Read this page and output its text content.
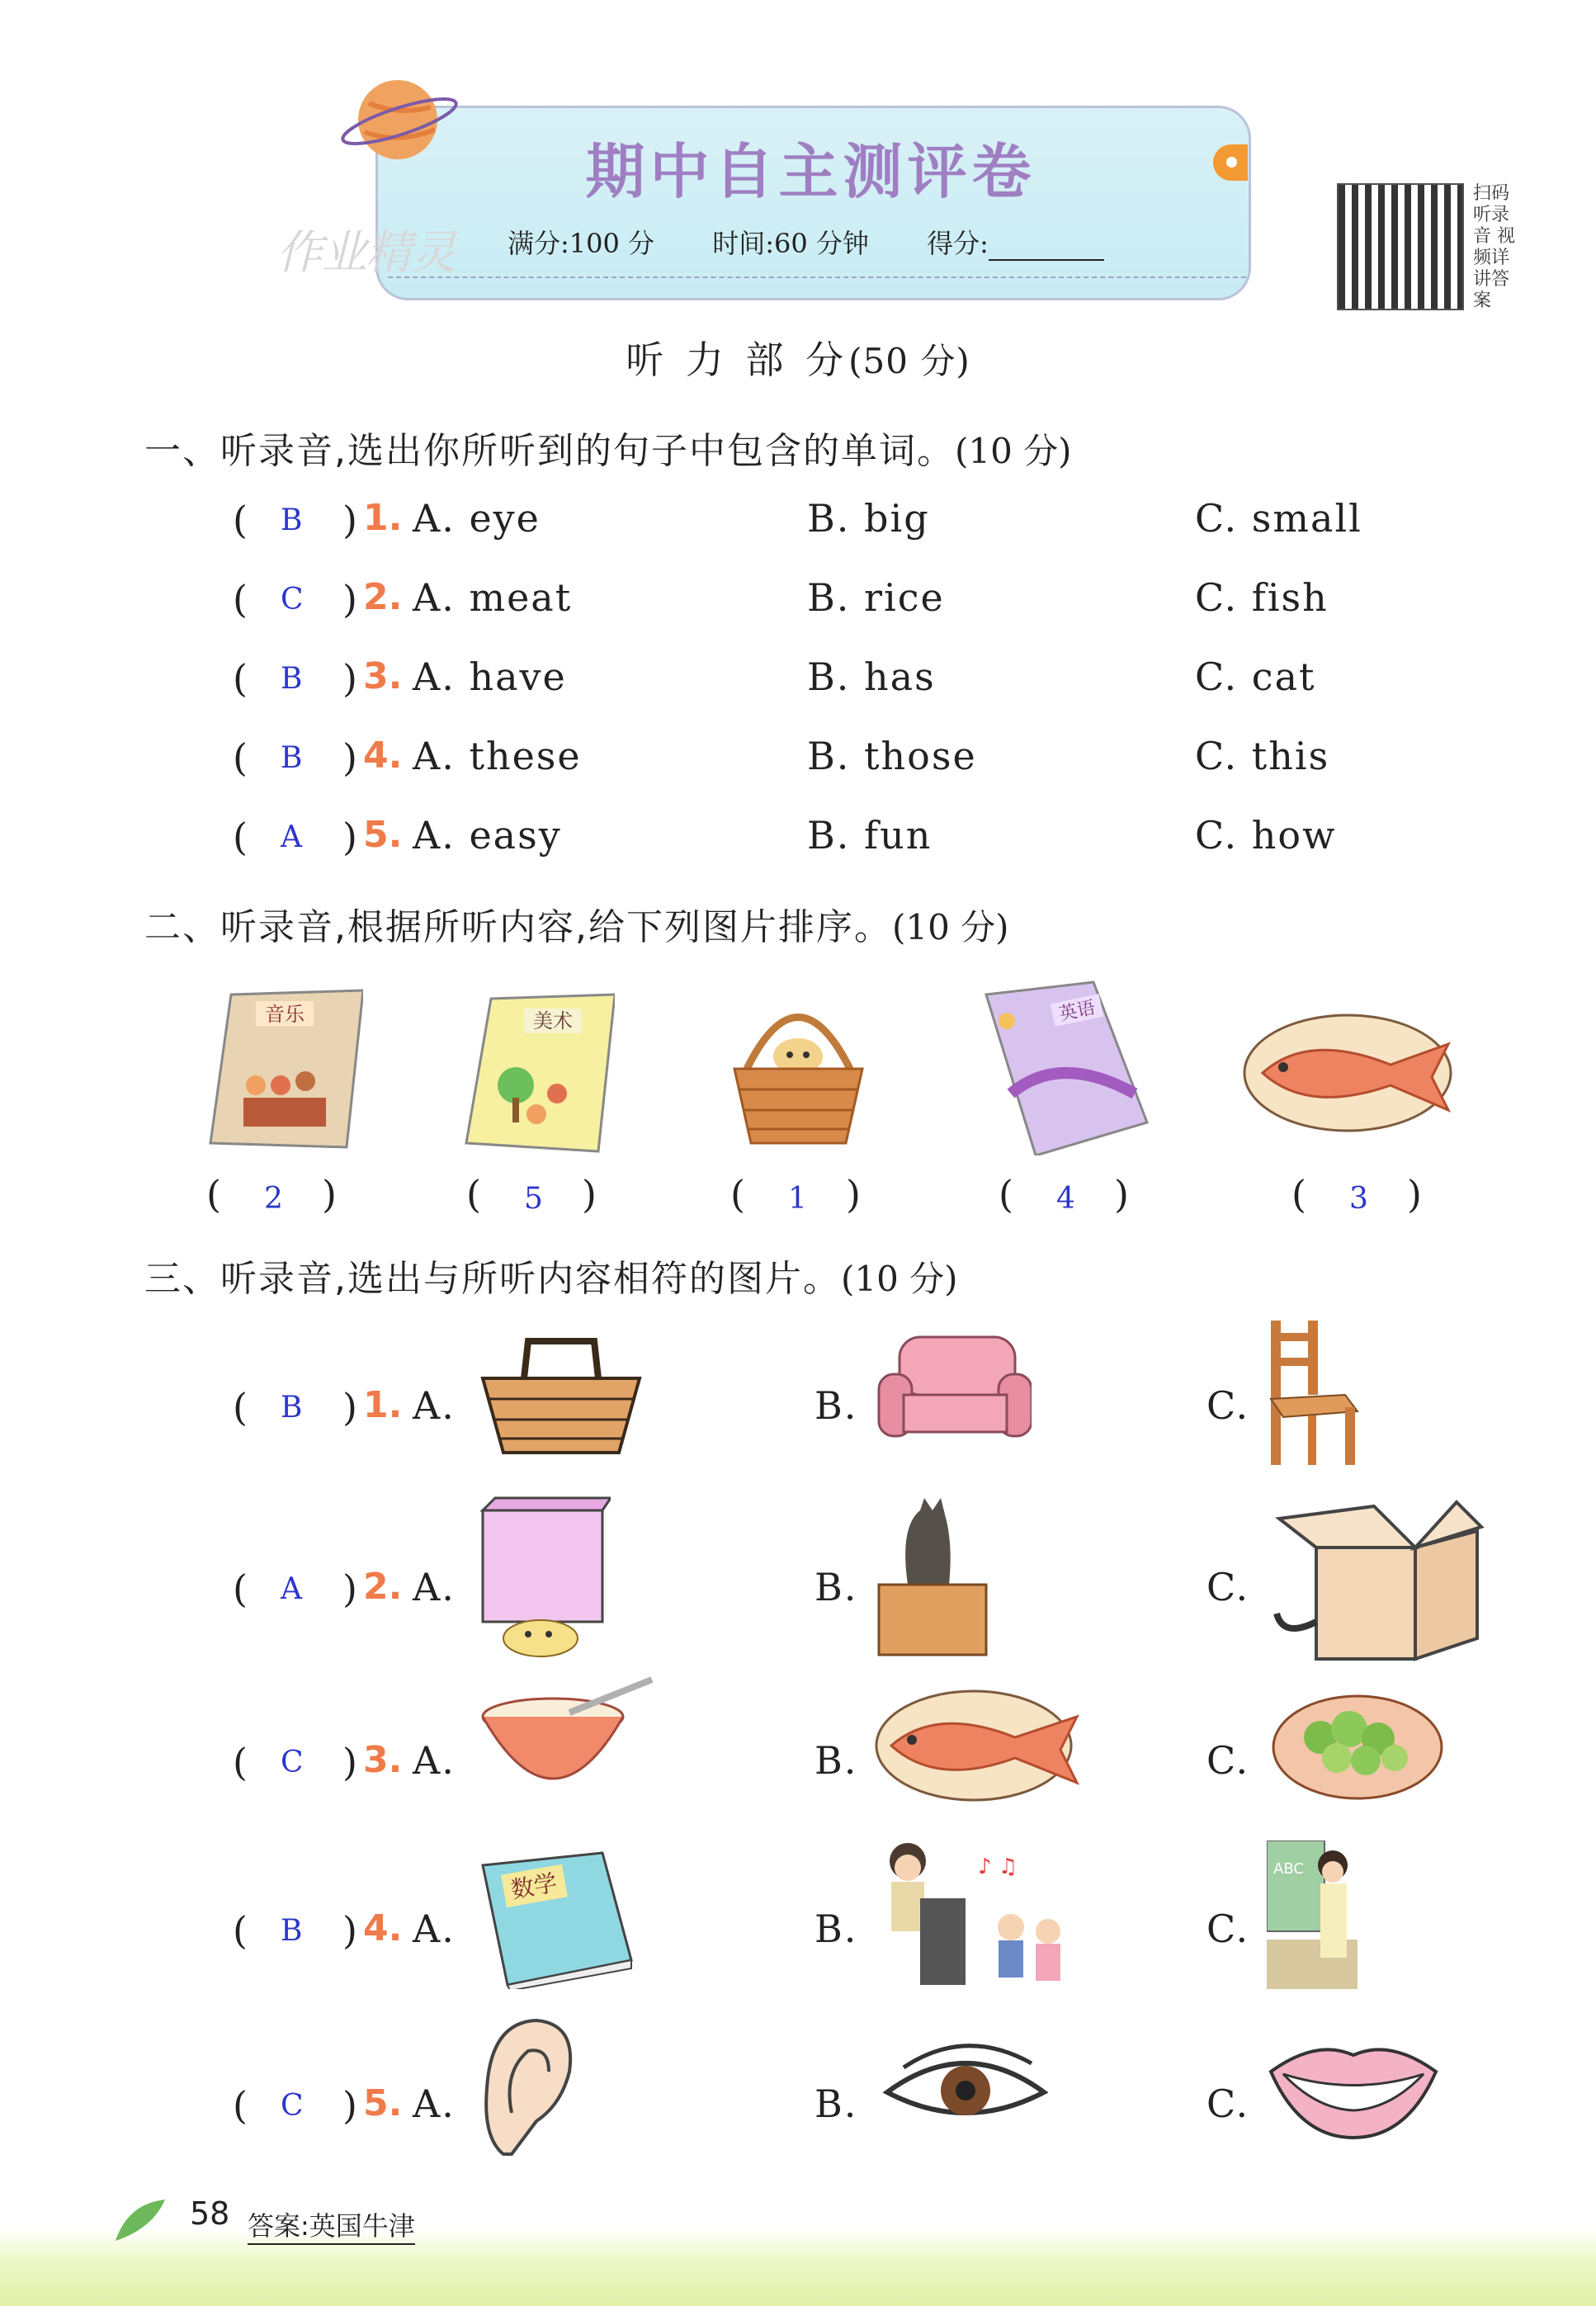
期中自主测评卷
满分:100 分 时间:60 分钟 得分:
作业精灵
扫码听录音 视频详讲答案
听 力 部 分(50 分)
一、听录音,选出你所听到的句子中包含的单词。(10 分)
( B ) 1. A. eye	B. big	C. small
( C ) 2. A. meat	B. rice	C. fish
( B ) 3. A. have	B. has	C. cat
( B ) 4. A. these	B. those	C. this
( A ) 5. A. easy	B. fun	C. how
二、听录音,根据所听内容,给下列图片排序。(10 分)
音乐	美术	英语
( 2 )	( 5 )	( 1 )	( 4 )	( 3 )
三、听录音,选出与所听内容相符的图片。(10 分)
( B ) 1. A.	B.	C.
( A ) 2. A.	B.	C.
( C ) 3. A.	B.	C.
( B ) 4. A.	B.	C.
( C ) 5. A.	B.	C.
数学
♪ ♫	ABC
58 答案:英国牛津
